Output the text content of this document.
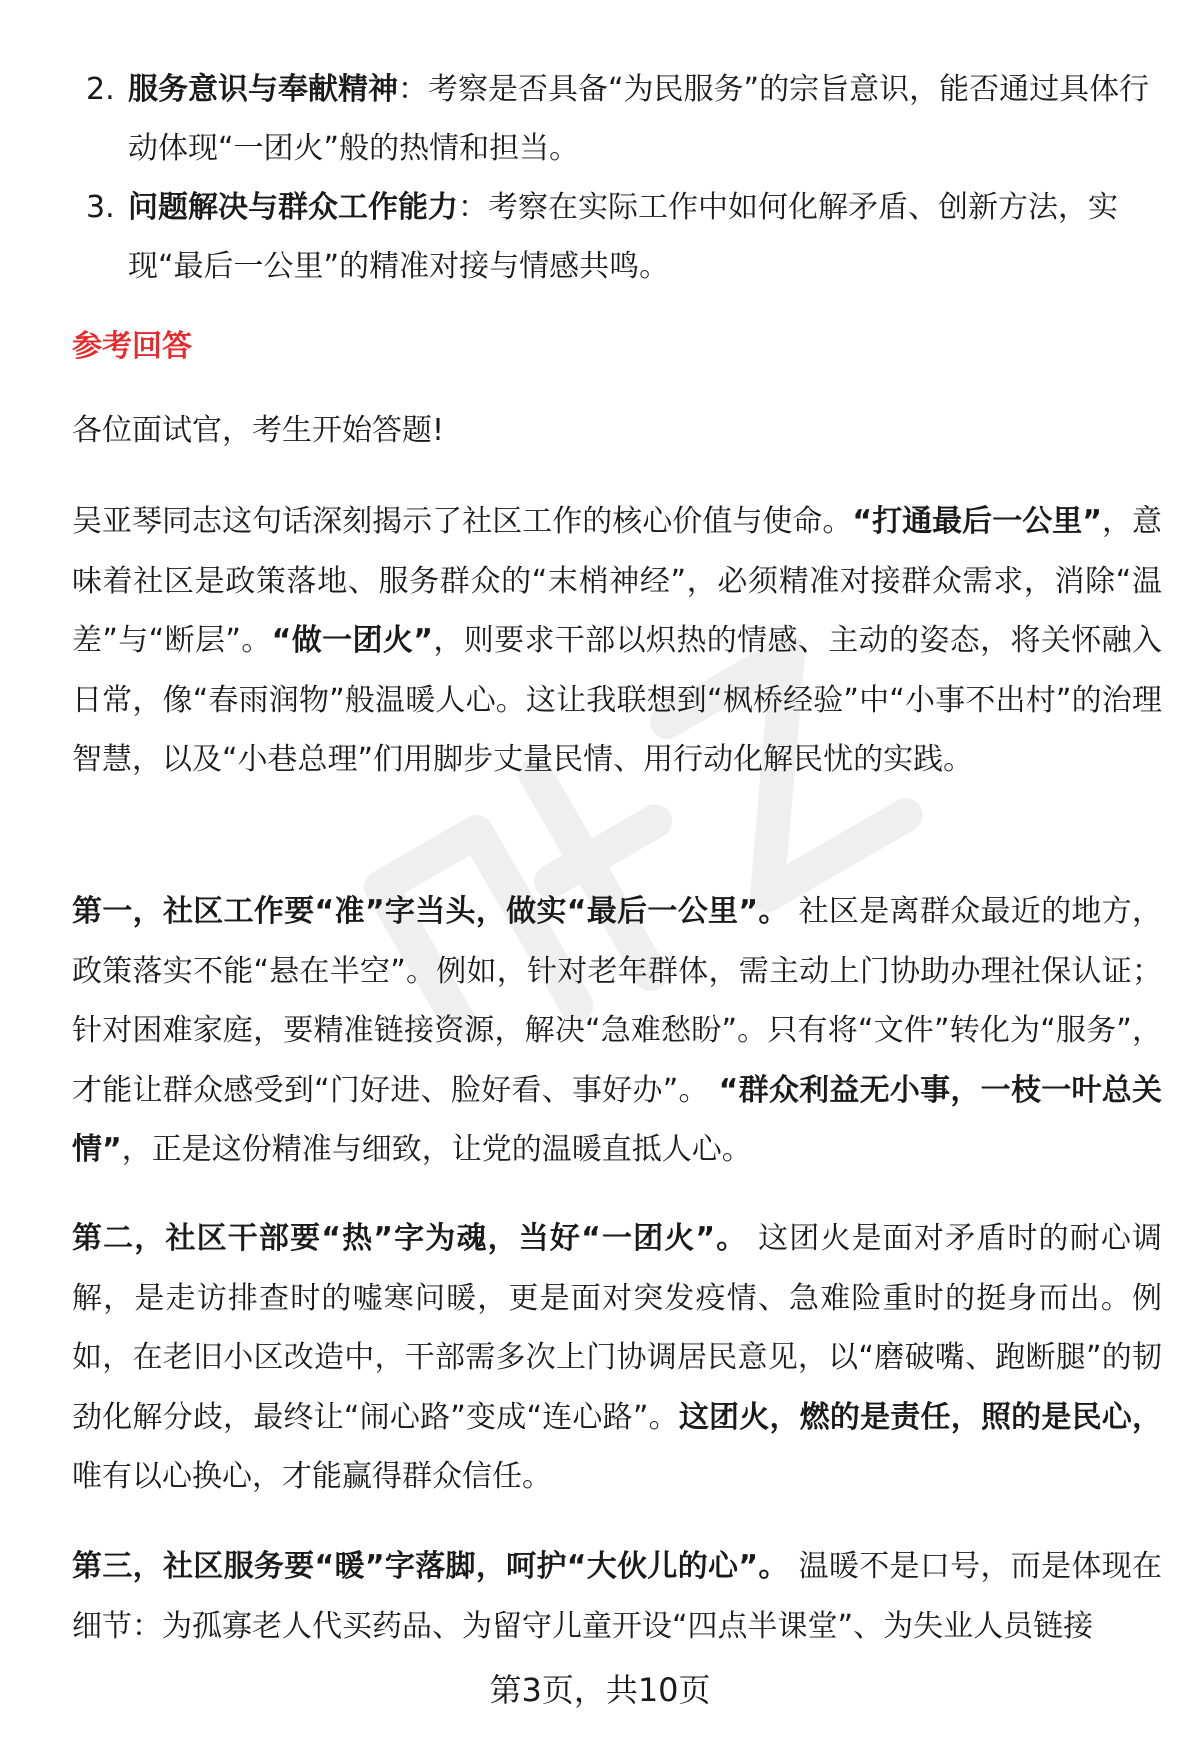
2. 服务意识与奉献精神：考察是否具备“为民服务”的宗旨意识，能否通过具体行动体现“一团火”般的热情和担当。
3. 问题解决与群众工作能力：考察在实际工作中如何化解矛盾、创新方法，实现“最后一公里”的精准对接与情感共鸣。
参考回答

各位面试官，考生开始答题!

吴亚琴同志这句话深刻揭示了社区工作的核心价值与使命。“打通最后一公里”，意味着社区是政策落地、服务群众的“末梢神经”，必须精准对接群众需求，消除“温差”与“断层”。“做一团火”，则要求干部以炽热的情感、主动的姿态，将关怀融入日常，像“春雨润物”般温暖人心。这让我联想到“枫桥经验”中“小事不出村”的治理智慧，以及“小巷总理”们用脚步丈量民情、用行动化解民忧的实践。

第一，社区工作要“准”字当头，做实“最后一公里”。 社区是离群众最近的地方，政策落实不能“悬在半空”。例如，针对老年群体，需主动上门协助办理社保认证；针对困难家庭，要精准链接资源，解决“急难愁盼”。只有将“文件”转化为“服务”，才能让群众感受到“门好进、脸好看、事好办”。 “群众利益无小事，一枝一叶总关情”，正是这份精准与细致，让党的温暖直抵人心。

第二，社区干部要“热”字为魂，当好“一团火”。 这团火是面对矛盾时的耐心调解，是走访排查时的嘘寒问暖，更是面对突发疫情、急难险重时的挺身而出。例如，在老旧小区改造中，干部需多次上门协调居民意见，以“磨破嘴、跑断腿”的韧劲化解分歧，最终让“闹心路”变成“连心路”。这团火，燃的是责任，照的是民心， 唯有以心换心，才能赢得群众信任。

第三，社区服务要“暖”字落脚，呵护“大伙儿的心”。 温暖不是口号，而是体现在细节：为孤寡老人代买药品、为留守儿童开设“四点半课堂”、为失业人员链接

第3页，共10页
